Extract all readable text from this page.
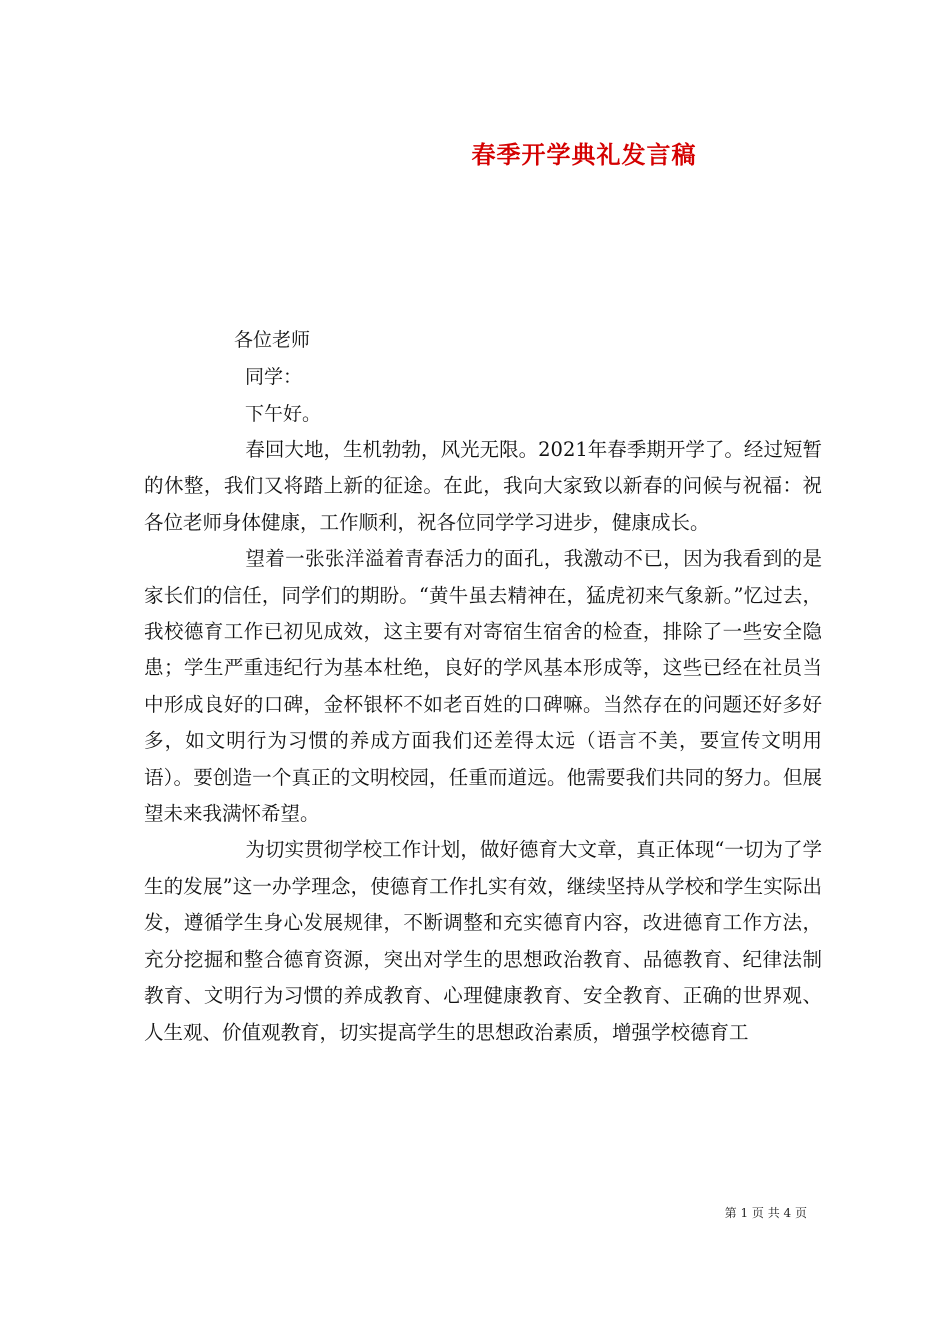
春季开学典礼发言稿
各位老师
同学：
下午好。

春回大地，生机勃勃，风光无限。2021年春季期开学了。经过短暂的休整，我们又将踏上新的征途。在此，我向大家致以新春的问候与祝福：祝各位老师身体健康，工作顺利，祝各位同学学习进步，健康成长。

望着一张张洋溢着青春活力的面孔，我激动不已，因为我看到的是家长们的信任，同学们的期盼。“黄牛虽去精神在，猛虎初来气象新。”忆过去，我校德育工作已初见成效，这主要有对寄宿生宿舍的检查，排除了一些安全隐患；学生严重违纪行为基本杜绝，良好的学风基本形成等，这些已经在社员当中形成良好的口碑，金杯银杯不如老百姓的口碑嘛。当然存在的问题还好多好多，如文明行为习惯的养成方面我们还差得太远（语言不美，要宣传文明用语）。要创造一个真正的文明校园，任重而道远。他需要我们共同的努力。但展望未来我满怀希望。

为切实贯彻学校工作计划，做好德育大文章，真正体现“一切为了学生的发展”这一办学理念，使德育工作扎实有效，继续坚持从学校和学生实际出发，遵循学生身心发展规律，不断调整和充实德育内容，改进德育工作方法，充分挖掘和整合德育资源，突出对学生的思想政治教育、品德教育、纪律法制教育、文明行为习惯的养成教育、心理健康教育、安全教育、正确的世界观、人生观、价值观教育，切实提高学生的思想政治素质，增强学校德育工

第 1 页 共 4 页
